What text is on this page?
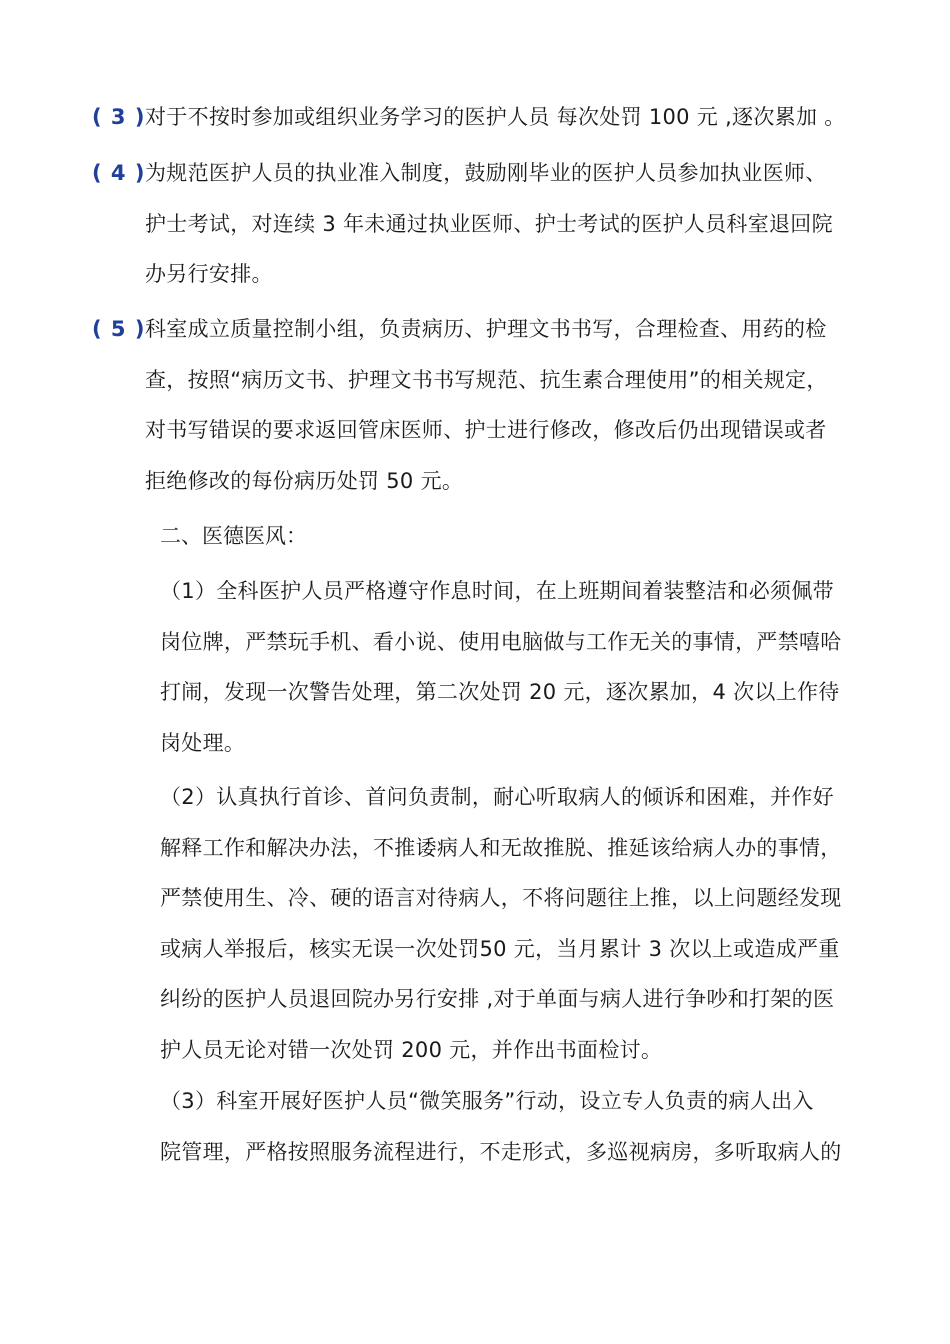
( 3 ) 对于不按时参加或组织业务学习的医护人员 每次处罚 100 元 ,逐次累加 。
( 4 ) 为规范医护人员的执业准入制度，鼓励刚毕业的医护人员参加执业医师、
护士考试，对连续 3 年未通过执业医师、护士考试的医护人员科室退回院
办另行安排。
( 5 ) 科室成立质量控制小组，负责病历、护理文书书写，合理检查、用药的检
查，按照“病历文书、护理文书书写规范、抗生素合理使用”的相关规定，
对书写错误的要求返回管床医师、护士进行修改，修改后仍出现错误或者
拒绝修改的每份病历处罚 50 元。
二、医德医风：
（1）全科医护人员严格遵守作息时间，在上班期间着装整洁和必须佩带
岗位牌，严禁玩手机、看小说、使用电脑做与工作无关的事情，严禁嘻哈
打闹，发现一次警告处理，第二次处罚 20 元，逐次累加，4 次以上作待
岗处理。
（2）认真执行首诊、首问负责制，耐心听取病人的倾诉和困难，并作好
解释工作和解决办法，不推诿病人和无故推脱、推延该给病人办的事情，
严禁使用生、冷、硬的语言对待病人，不将问题往上推，以上问题经发现
或病人举报后，核实无误一次处罚50 元，当月累计 3 次以上或造成严重
纠纷的医护人员退回院办另行安排 ,对于单面与病人进行争吵和打架的医
护人员无论对错一次处罚 200 元，并作出书面检讨。
（3）科室开展好医护人员“微笑服务”行动，设立专人负责的病人出入
院管理，严格按照服务流程进行，不走形式，多巡视病房，多听取病人的
